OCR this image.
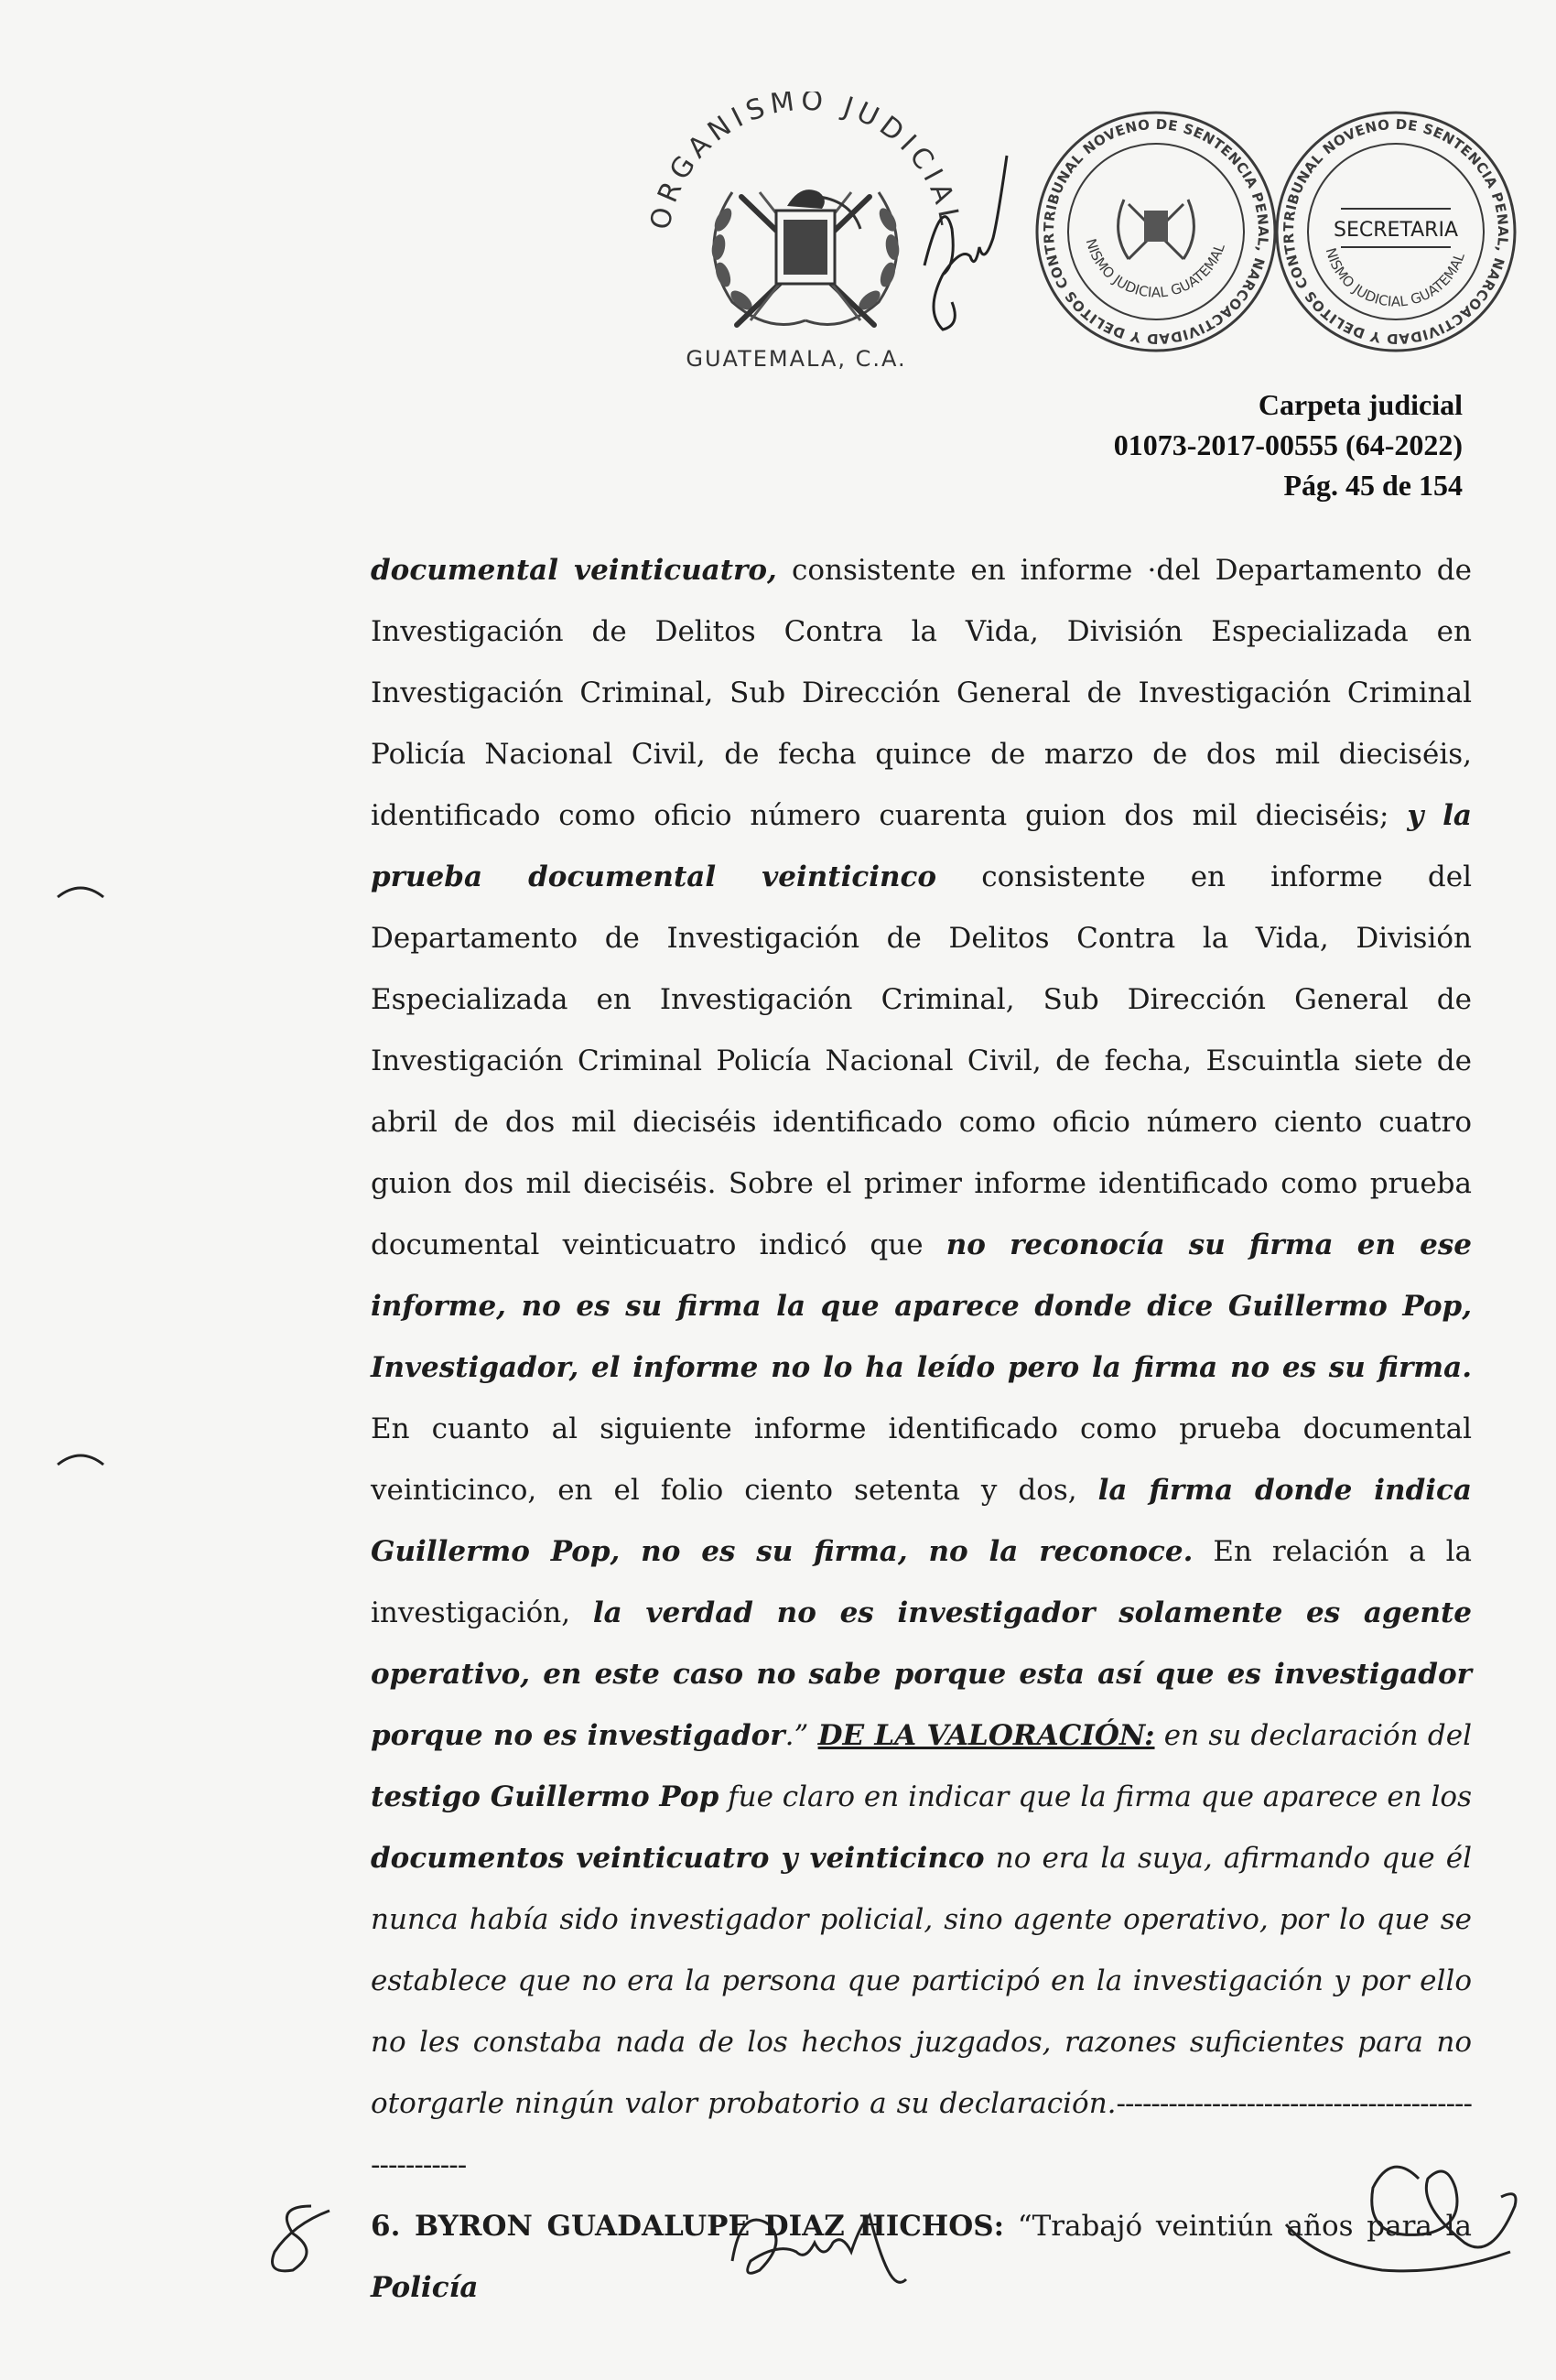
ORGANISMO JUDICIAL
GUATEMALA, C.A.
TRIBUNAL NOVENO DE SENTENCIA PENAL, NARCOACTIVIDAD Y DELITOS CONTR	NISMO JUDICIAL GUATEMAL
TRIBUNAL NOVENO DE SENTENCIA PENAL, NARCOACTIVIDAD Y DELITOS CONTR
NISMO JUDICIAL GUATEMAL
SECRETARIA
Carpeta judicial
01073-2017-00555 (64-2022)
Pág. 45 de 154

documental veinticuatro, consistente en informe ·del Departamento de Investigación de Delitos Contra la Vida, División Especializada en Investigación Criminal, Sub Dirección General de Investigación Criminal Policía Nacional Civil, de fecha quince de marzo de dos mil dieciséis, identificado como oficio número cuarenta guion dos mil dieciséis; y la prueba documental veinticinco consistente en informe del Departamento de Investigación de Delitos Contra la Vida, División Especializada en Investigación Criminal, Sub Dirección General de Investigación Criminal Policía Nacional Civil, de fecha, Escuintla siete de abril de dos mil dieciséis identificado como oficio número ciento cuatro guion dos mil dieciséis. Sobre el primer informe identificado como prueba documental veinticuatro indicó que no reconocía su firma en ese informe, no es su firma la que aparece donde dice Guillermo Pop, Investigador, el informe no lo ha leído pero la firma no es su firma. En cuanto al siguiente informe identificado como prueba documental veinticinco, en el folio ciento setenta y dos, la firma donde indica Guillermo Pop, no es su firma, no la reconoce. En relación a la investigación, la verdad no es investigador solamente es agente operativo, en este caso no sabe porque esta así que es investigador porque no es investigador.” DE LA VALORACIÓN: en su declaración del testigo Guillermo Pop fue claro en indicar que la firma que aparece en los documentos veinticuatro y veinticinco no era la suya, afirmando que él nunca había sido investigador policial, sino agente operativo, por lo que se establece que no era la persona que participó en la investigación y por ello no les constaba nada de los hechos juzgados, razones suficientes para no otorgarle ningún valor probatorio a su declaración.----------------------------------------------------

6. BYRON GUADALUPE DIAZ HICHOS: “Trabajó veintiún años para la Policía
